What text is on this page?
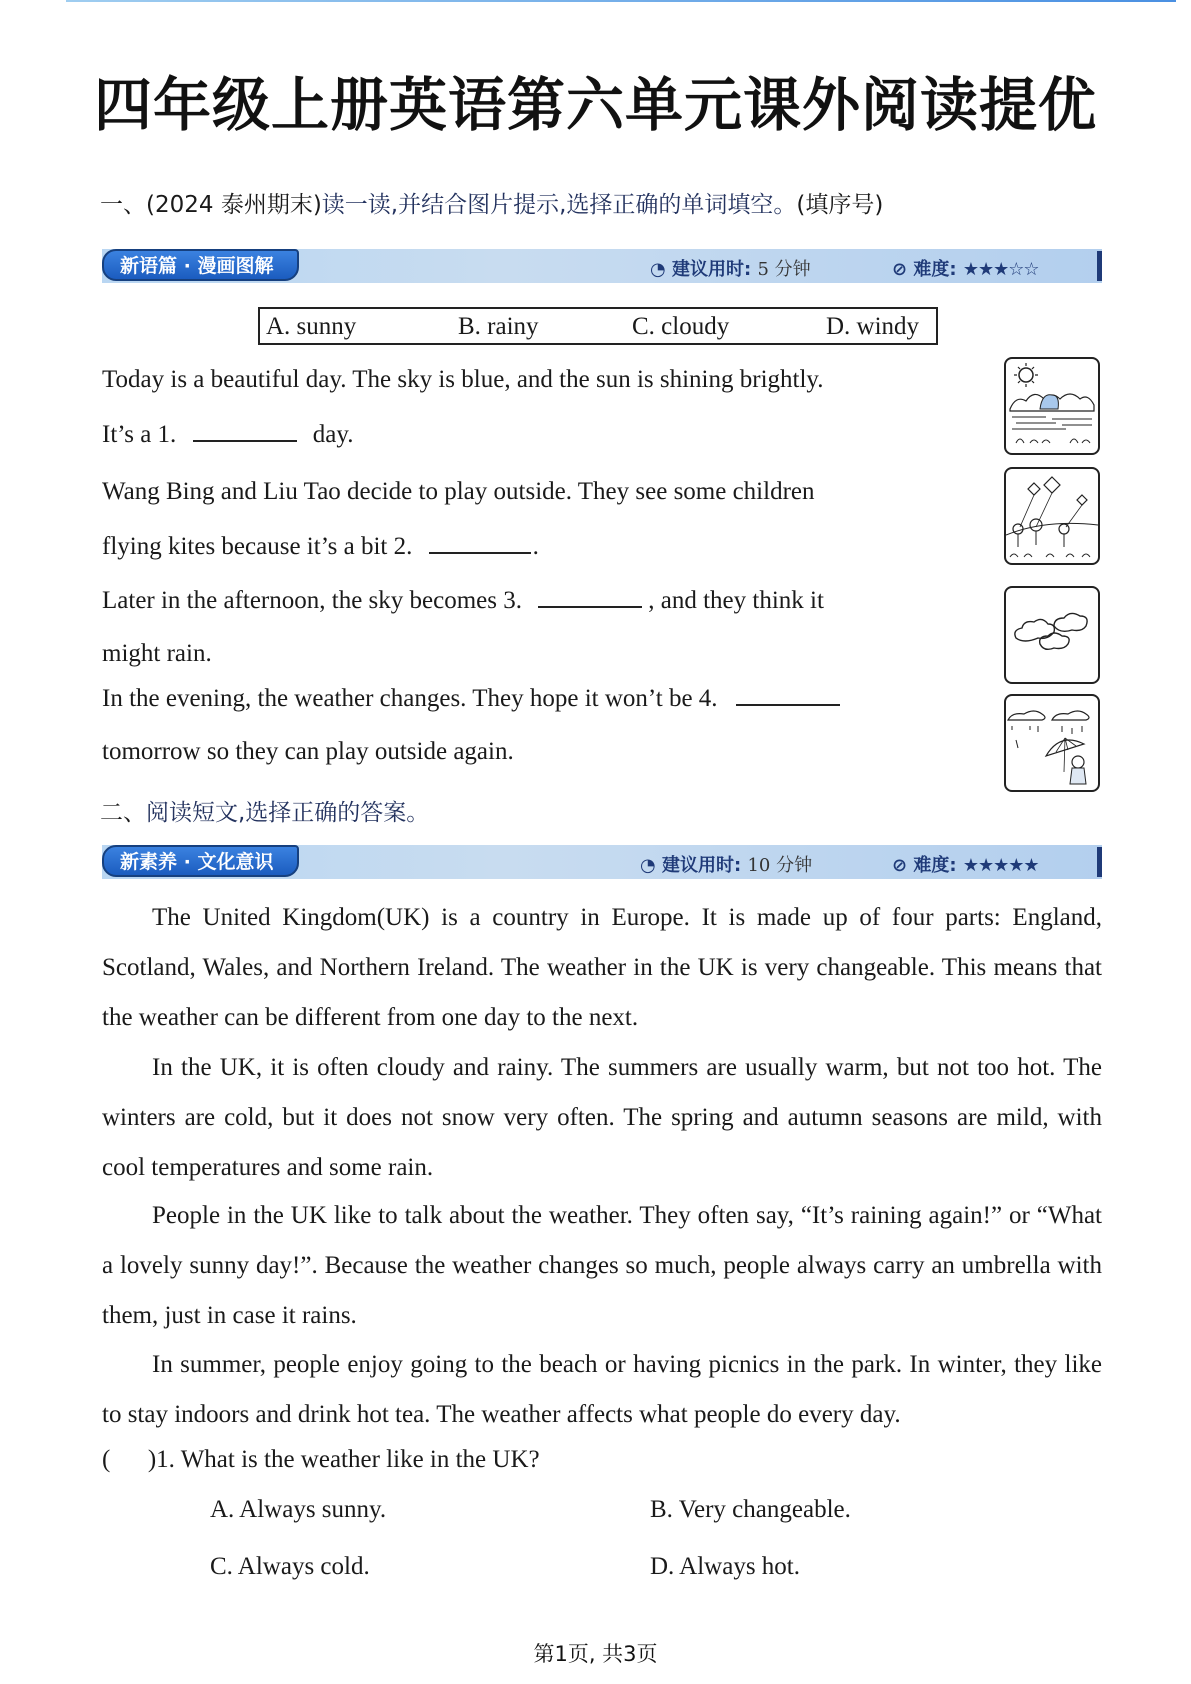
四年级上册英语第六单元课外阅读提优
一、(2024 泰州期末)读一读,并结合图片提示,选择正确的单词填空。(填序号)
新语篇 · 漫画图解	◔ 建议用时: 5 分钟	⊘ 难度: ★★★☆☆
A. sunny	B. rainy	C. cloudy	D. windy
Today is a beautiful day. The sky is blue, and the sun is shining brightly.
It’s a 1.	day.
Wang Bing and Liu Tao decide to play outside. They see some children
flying kites because it’s a bit 2.	.
Later in the afternoon, the sky becomes 3.	, and they think it
might rain.
In the evening, the weather changes. They hope it won’t be 4.
tomorrow so they can play outside again.
二、阅读短文,选择正确的答案。
新素养 · 文化意识	◔ 建议用时: 10 分钟	⊘ 难度: ★★★★★
The United Kingdom(UK) is a country in Europe. It is made up of four parts: England, Scotland, Wales, and Northern Ireland. The weather in the UK is very changeable. This means that the weather can be different from one day to the next.
In the UK, it is often cloudy and rainy. The summers are usually warm, but not too hot. The winters are cold, but it does not snow very often. The spring and autumn seasons are mild, with cool temperatures and some rain.
People in the UK like to talk about the weather. They often say, “It’s raining again!” or “What a lovely sunny day!”. Because the weather changes so much, people always carry an umbrella with them, just in case it rains.
In summer, people enjoy going to the beach or having picnics in the park. In winter, they like to stay indoors and drink hot tea. The weather affects what people do every day.
(      )1. What is the weather like in the UK?
A. Always sunny.	B. Very changeable.
C. Always cold.	D. Always hot.
第1页, 共3页
